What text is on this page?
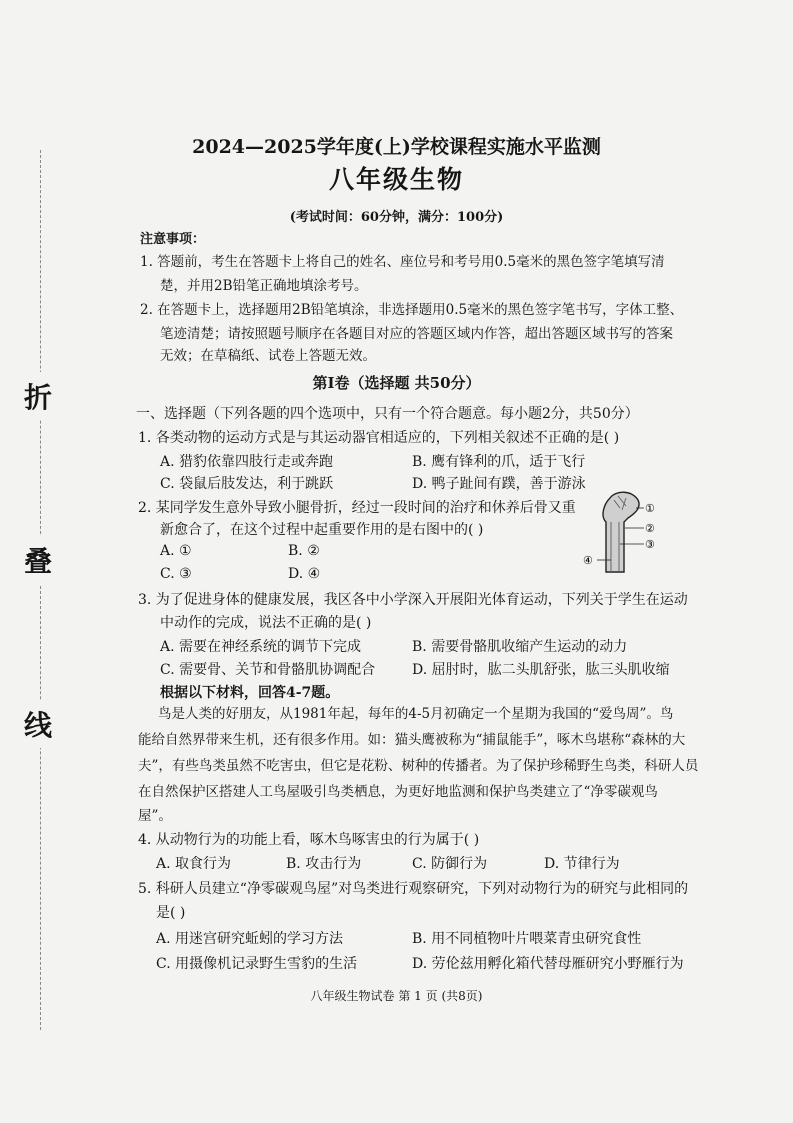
折
叠
线
2024—2025学年度(上)学校课程实施水平监测
八年级生物
(考试时间：60分钟，满分：100分)
注意事项：
1. 答题前，考生在答题卡上将自己的姓名、座位号和考号用0.5毫米的黑色签字笔填写清
楚，并用2B铅笔正确地填涂考号。
2. 在答题卡上，选择题用2B铅笔填涂，非选择题用0.5毫米的黑色签字笔书写，字体工整、
笔迹清楚；请按照题号顺序在各题目对应的答题区域内作答，超出答题区域书写的答案
无效；在草稿纸、试卷上答题无效。
第Ⅰ卷（选择题 共50分）
一、选择题（下列各题的四个选项中，只有一个符合题意。每小题2分，共50分）
1. 各类动物的运动方式是与其运动器官相适应的，下列相关叙述不正确的是( )
A. 猎豹依靠四肢行走或奔跑	B. 鹰有锋利的爪，适于飞行
C. 袋鼠后肢发达，利于跳跃	D. 鸭子趾间有蹼，善于游泳
2. 某同学发生意外导致小腿骨折，经过一段时间的治疗和休养后骨又重
新愈合了，在这个过程中起重要作用的是右图中的( )
A. ①	B. ②
C. ③	D. ④
①
②
③
④
3. 为了促进身体的健康发展，我区各中小学深入开展阳光体育运动，下列关于学生在运动
中动作的完成，说法不正确的是( )
A. 需要在神经系统的调节下完成	B. 需要骨骼肌收缩产生运动的动力
C. 需要骨、关节和骨骼肌协调配合	D. 屈肘时，肱二头肌舒张，肱三头肌收缩
根据以下材料，回答4-7题。
鸟是人类的好朋友，从1981年起，每年的4-5月初确定一个星期为我国的“爱鸟周”。鸟
能给自然界带来生机，还有很多作用。如：猫头鹰被称为“捕鼠能手”，啄木鸟堪称“森林的大
夫”，有些鸟类虽然不吃害虫，但它是花粉、树种的传播者。为了保护珍稀野生鸟类，科研人员
在自然保护区搭建人工鸟屋吸引鸟类栖息，为更好地监测和保护鸟类建立了“净零碳观鸟
屋”。
4. 从动物行为的功能上看，啄木鸟啄害虫的行为属于( )
A. 取食行为	B. 攻击行为	C. 防御行为	D. 节律行为
5. 科研人员建立“净零碳观鸟屋”对鸟类进行观察研究，下列对动物行为的研究与此相同的
是( )
A. 用迷宫研究蚯蚓的学习方法	B. 用不同植物叶片喂菜青虫研究食性
C. 用摄像机记录野生雪豹的生活	D. 劳伦兹用孵化箱代替母雁研究小野雁行为
八年级生物试卷 第 1 页 (共8页)
